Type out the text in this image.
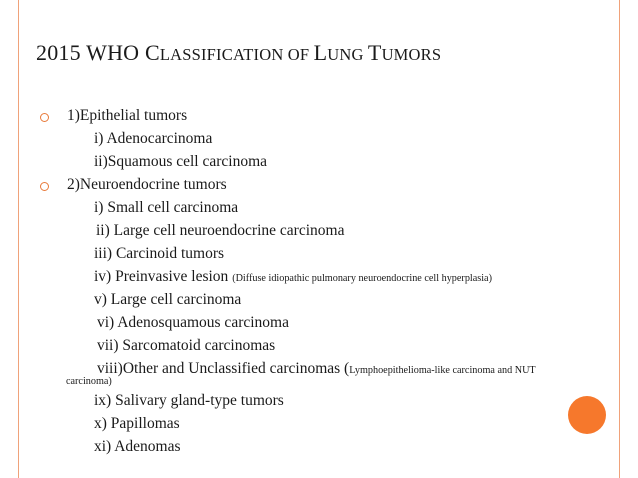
2015 WHO CLASSIFICATION OF LUNG TUMORS
1)Epithelial tumors
i) Adenocarcinoma
ii)Squamous cell carcinoma
2)Neuroendocrine tumors
i) Small cell carcinoma
ii) Large cell neuroendocrine carcinoma
iii) Carcinoid tumors
iv) Preinvasive lesion (Diffuse idiopathic pulmonary neuroendocrine cell hyperplasia)
v) Large cell carcinoma
vi) Adenosquamous carcinoma
vii) Sarcomatoid carcinomas
viii)Other and Unclassified carcinomas (Lymphoepithelioma-like carcinoma and NUT
carcinoma)
ix) Salivary gland-type tumors
x) Papillomas
xi) Adenomas
